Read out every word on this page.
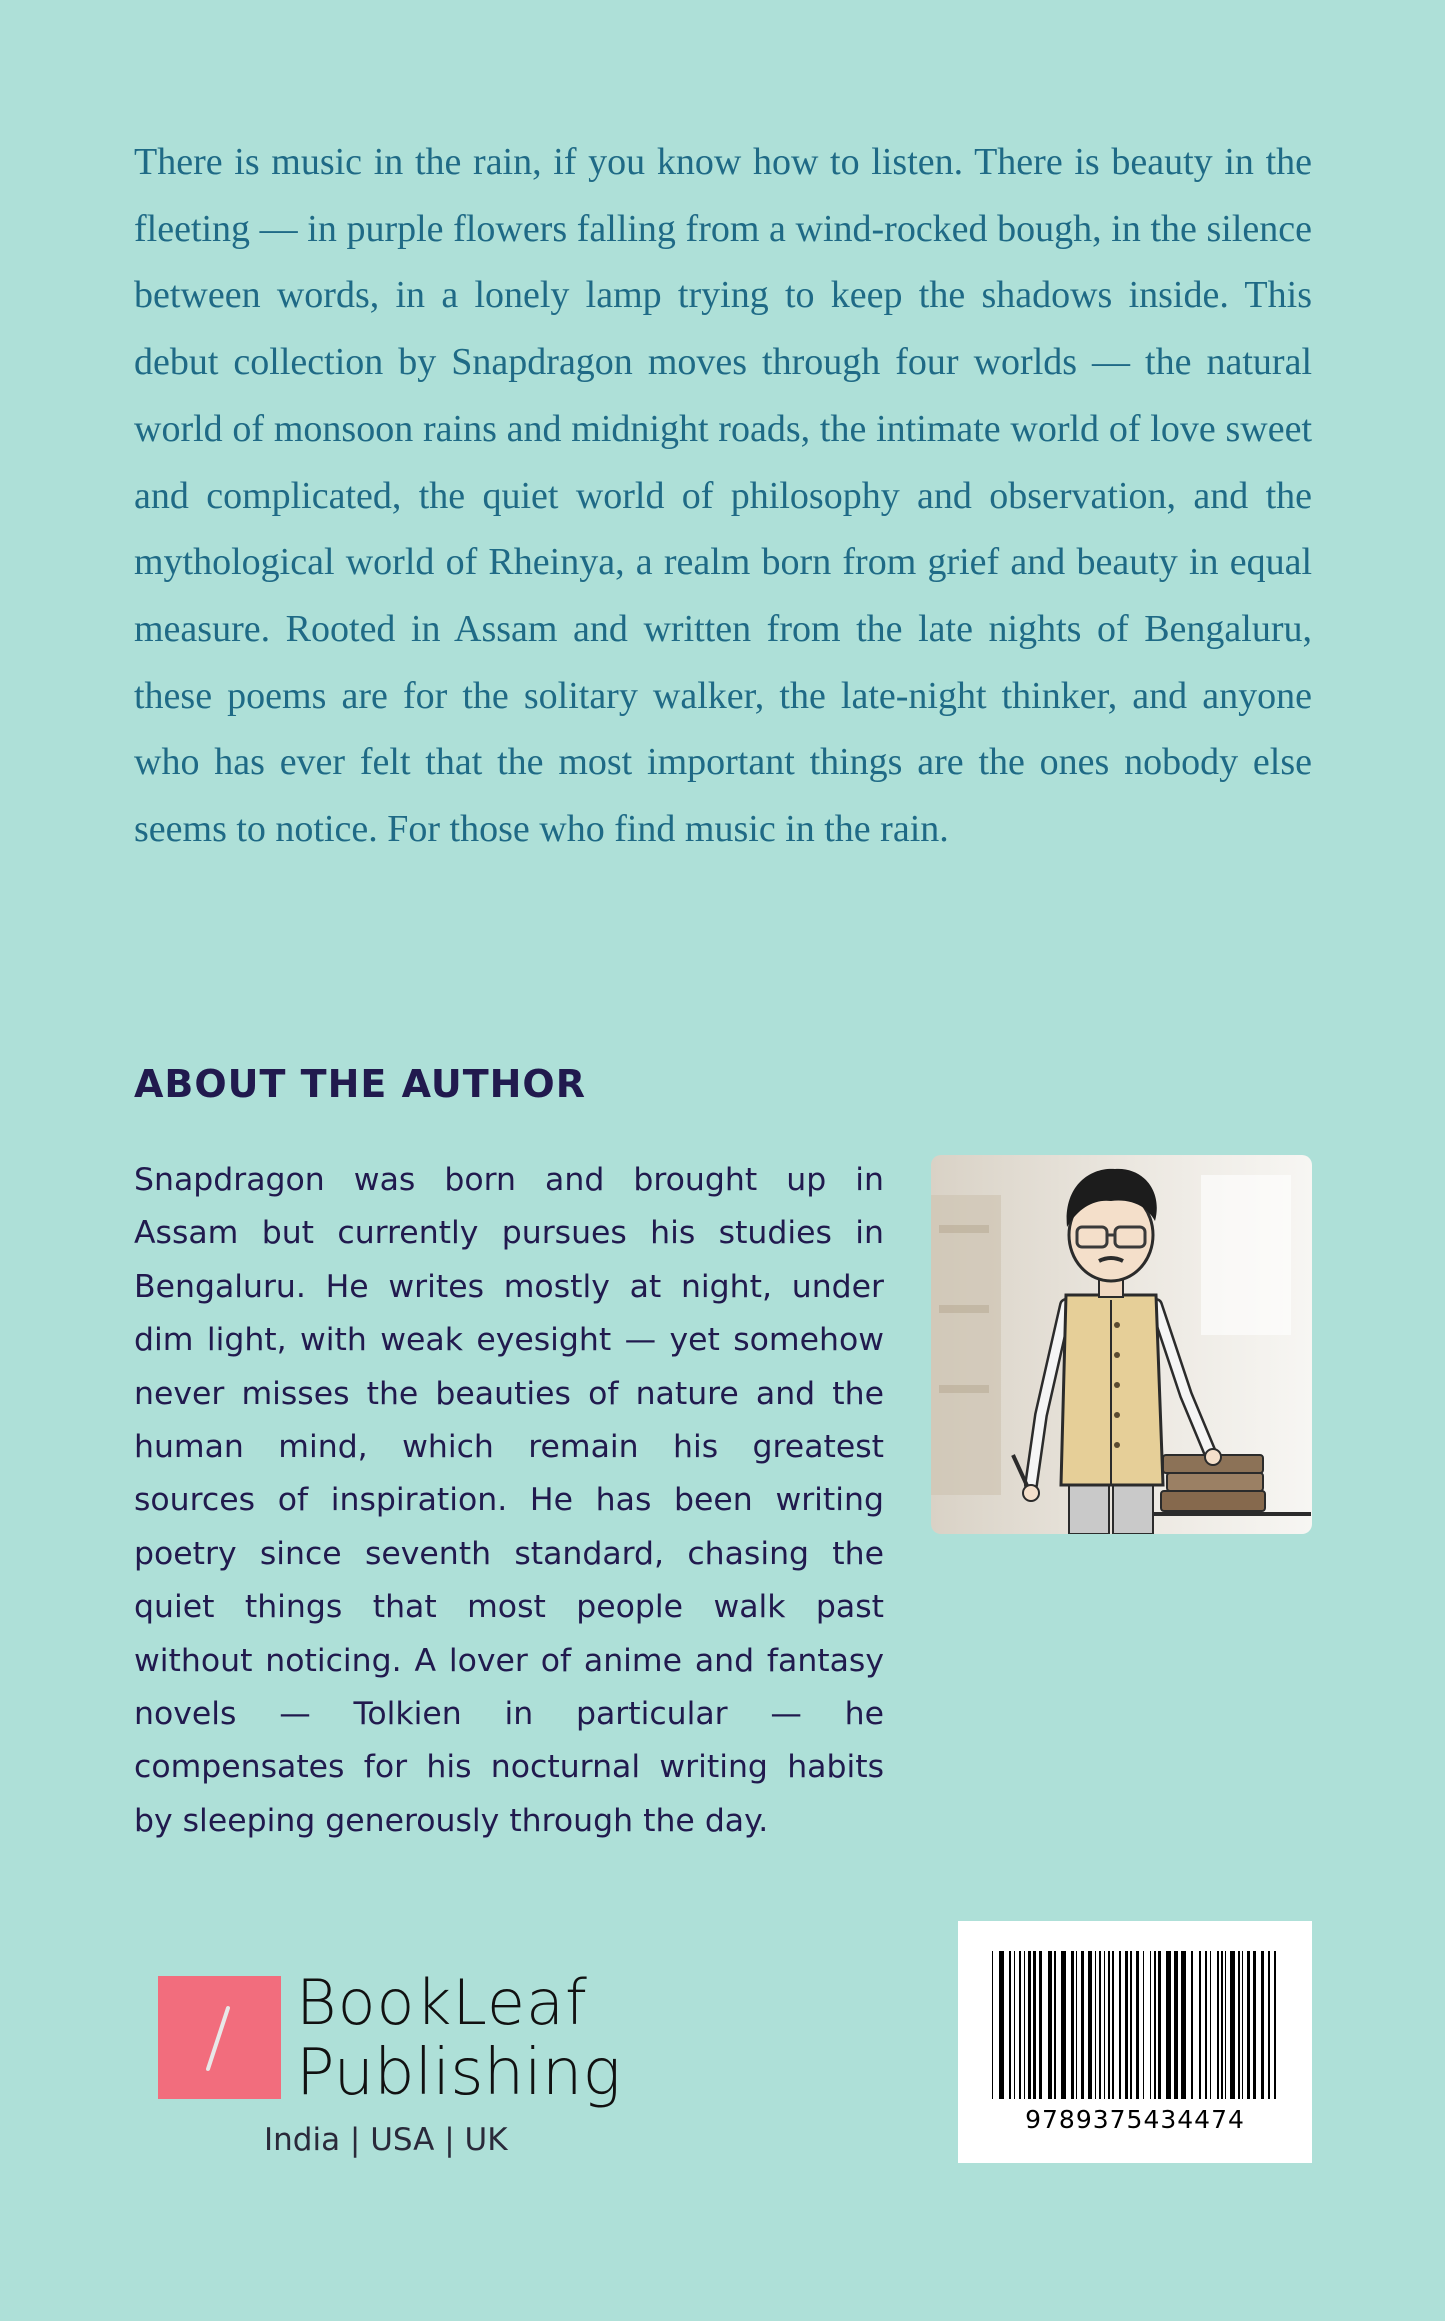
There is music in the rain, if you know how to listen. There is beauty in the fleeting — in purple flowers falling from a wind-rocked bough, in the silence between words, in a lonely lamp trying to keep the shadows inside. This debut collection by Snapdragon moves through four worlds — the natural world of monsoon rains and midnight roads, the intimate world of love sweet and complicated, the quiet world of philosophy and observation, and the mythological world of Rheinya, a realm born from grief and beauty in equal measure. Rooted in Assam and written from the late nights of Bengaluru, these poems are for the solitary walker, the late-night thinker, and anyone who has ever felt that the most important things are the ones nobody else seems to notice. For those who find music in the rain.

ABOUT THE AUTHOR

Snapdragon was born and brought up in Assam but currently pursues his studies in Bengaluru. He writes mostly at night, under dim light, with weak eyesight — yet somehow never misses the beauties of nature and the human mind, which remain his greatest sources of inspiration. He has been writing poetry since seventh standard, chasing the quiet things that most people walk past without noticing. A lover of anime and fantasy novels — Tolkien in particular — he compensates for his nocturnal writing habits by sleeping generously through the day.

BookLeaf

Publishing

India | USA | UK

9789375434474
